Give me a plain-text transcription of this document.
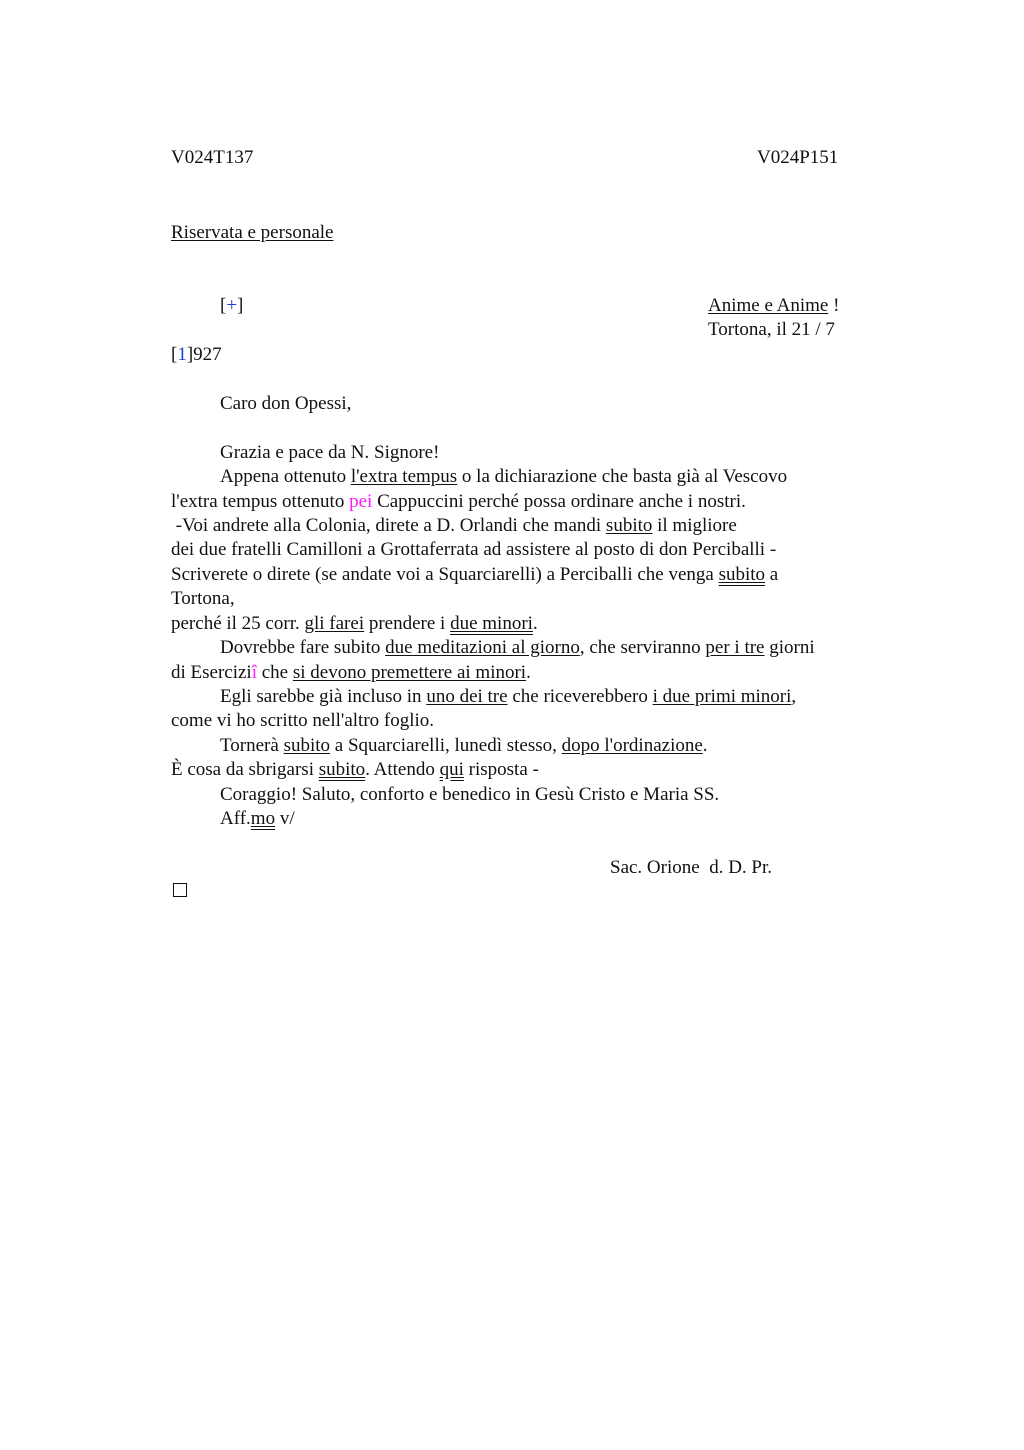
V024T137	V024P151
Riservata e personale
[+]	Anime e Anime !
Tortona, il 21 / 7
[1]927
Caro don Opessi,
Grazia e pace da N. Signore!
Appena ottenuto l'extra tempus o la dichiarazione che basta già al Vescovo
l'extra tempus ottenuto pei Cappuccini perché possa ordinare anche i nostri.
-Voi andrete alla Colonia, direte a D. Orlandi che mandi subito il migliore
dei due fratelli Camilloni a Grottaferrata ad assistere al posto di don Perciballi -
Scriverete o direte (se andate voi a Squarciarelli) a Perciballi che venga subito a
Tortona,
perché il 25 corr. gli farei prendere i due minori.
Dovrebbe fare subito due meditazioni al giorno, che serviranno per i tre giorni
di Eserciziî che si devono premettere ai minori.
Egli sarebbe già incluso in uno dei tre che riceverebbero i due primi minori,
come vi ho scritto nell'altro foglio.
Tornerà subito a Squarciarelli, lunedì stesso, dopo l'ordinazione.
È cosa da sbrigarsi subito. Attendo qui risposta -
Coraggio! Saluto, conforto e benedico in Gesù Cristo e Maria SS.
Aff.mo v/
Sac. Orione  d. D. Pr.
